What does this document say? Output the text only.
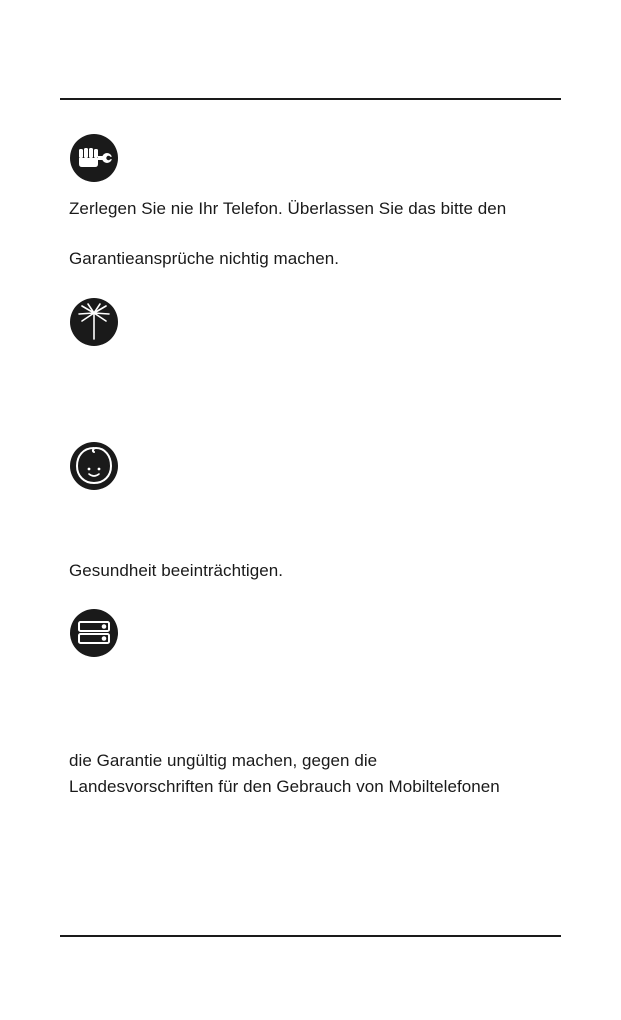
Zerlegen Sie nie Ihr Telefon. Überlassen Sie das bitte den
Garantieansprüche nichtig machen.
Gesundheit beeinträchtigen.
die Garantie ungültig machen, gegen die
Landesvorschriften für den Gebrauch von Mobiltelefonen
